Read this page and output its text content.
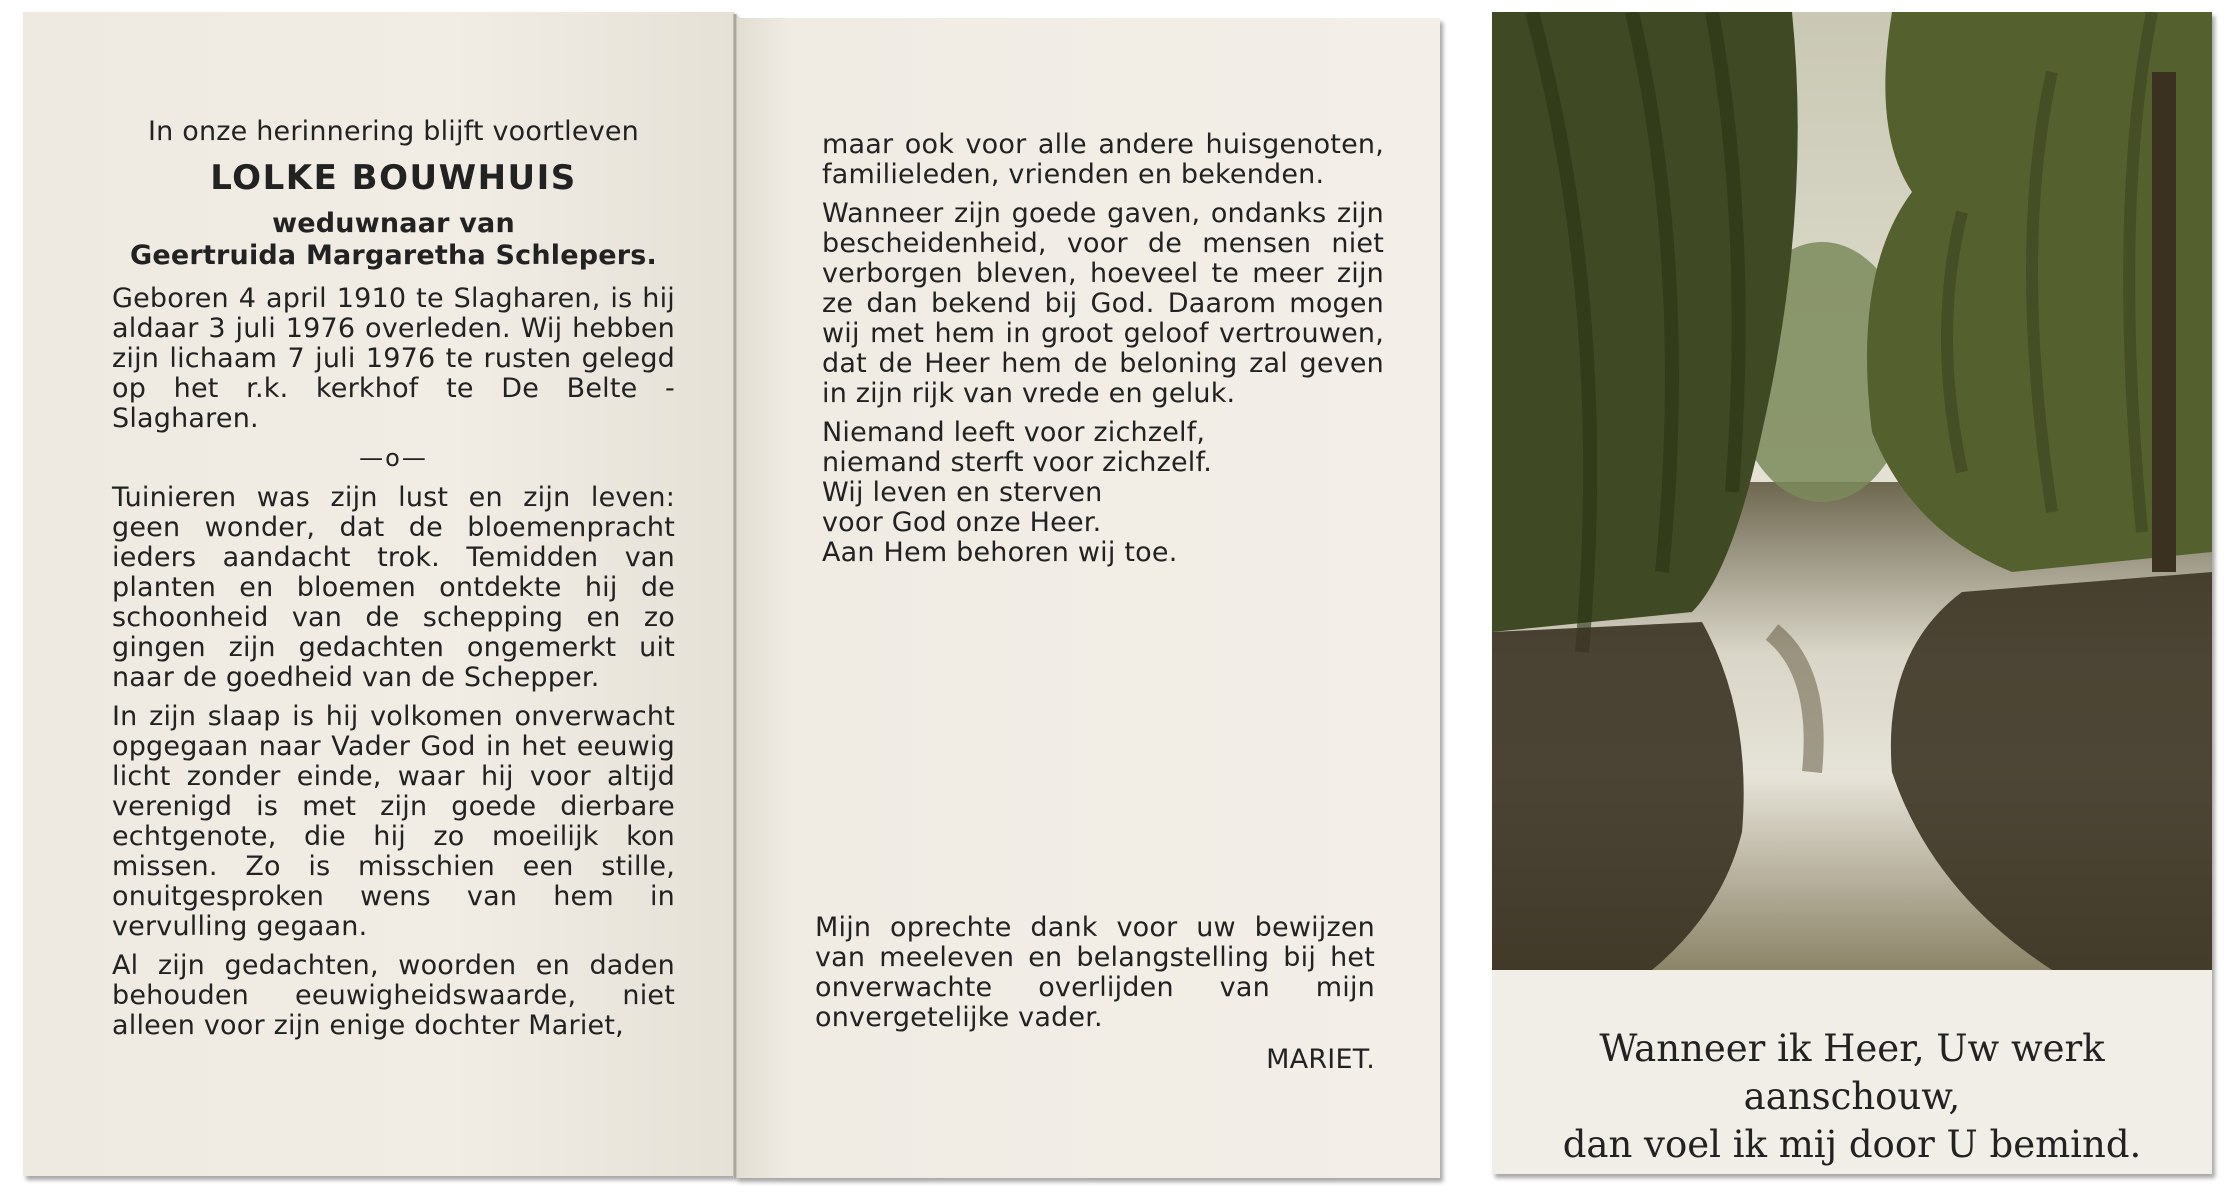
In onze herinnering blijft voortleven

LOLKE BOUWHUIS

weduwnaar van

Geertruida Margaretha Schlepers.

Geboren 4 april 1910 te Slagharen, is hij aldaar 3 juli 1976 overleden. Wij hebben zijn lichaam 7 juli 1976 te rusten gelegd op het r.k. kerkhof te De Belte - Slagharen.

—o—

Tuinieren was zijn lust en zijn leven: geen wonder, dat de bloemenpracht ieders aandacht trok. Temidden van planten en bloemen ontdekte hij de schoonheid van de schepping en zo gingen zijn gedachten ongemerkt uit naar de goedheid van de Schepper.

In zijn slaap is hij volkomen onverwacht opgegaan naar Vader God in het eeuwig licht zonder einde, waar hij voor altijd verenigd is met zijn goede dierbare echtgenote, die hij zo moeilijk kon missen. Zo is misschien een stille, onuitgesproken wens van hem in vervulling gegaan.

Al zijn gedachten, woorden en daden behouden eeuwigheidswaarde, niet alleen voor zijn enige dochter Mariet,

maar ook voor alle andere huisgenoten, familieleden, vrienden en bekenden.

Wanneer zijn goede gaven, ondanks zijn bescheidenheid, voor de mensen niet verborgen bleven, hoeveel te meer zijn ze dan bekend bij God. Daarom mogen wij met hem in groot geloof vertrouwen, dat de Heer hem de beloning zal geven in zijn rijk van vrede en geluk.

Niemand leeft voor zichzelf,

niemand sterft voor zichzelf.

Wij leven en sterven

voor God onze Heer.

Aan Hem behoren wij toe.

Mijn oprechte dank voor uw bewijzen van meeleven en belangstelling bij het onverwachte overlijden van mijn onvergetelijke vader.

MARIET.	Wanneer ik Heer, Uw werk aanschouw,
dan voel ik mij door U bemind.
